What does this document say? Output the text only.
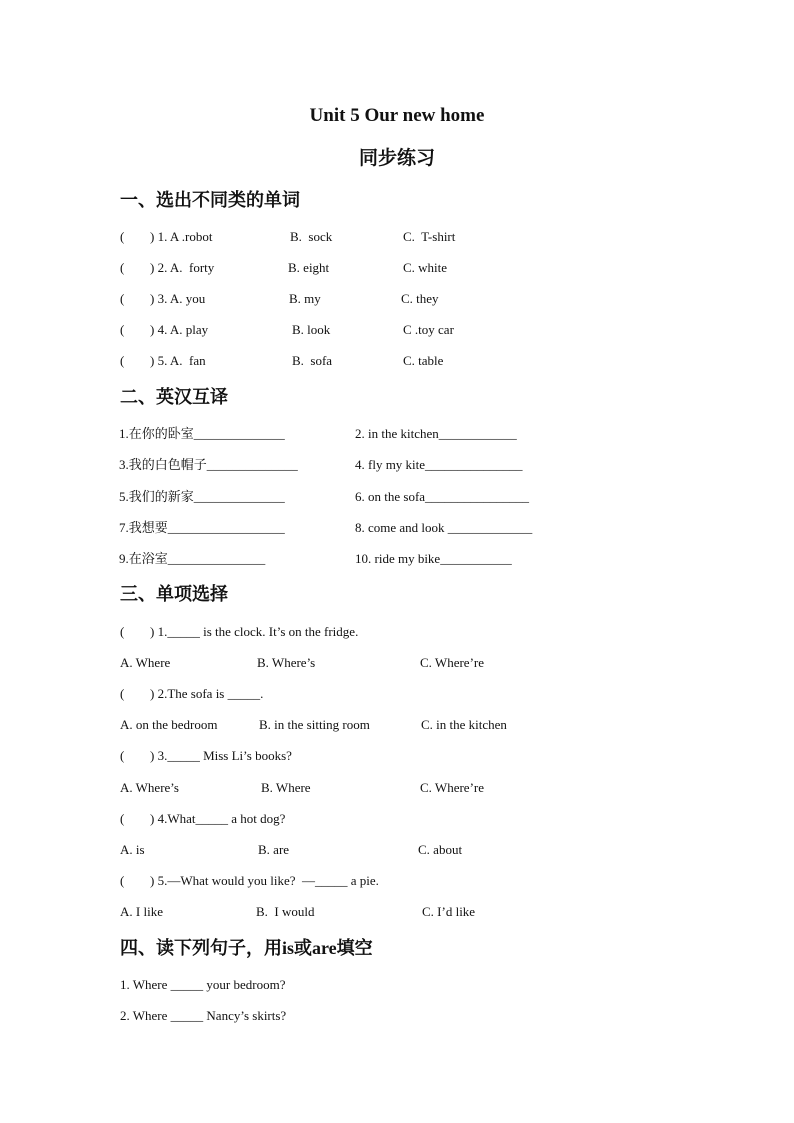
Unit 5 Our new home
同步练习
一、选出不同类的单词
( ) 1. A .robot	B.  sock	C.  T-shirt
( ) 2. A.  forty	B. eight	C. white
( ) 3. A. you	B. my	C. they
( ) 4. A. play	B. look	C .toy car
( ) 5. A.  fan	B.  sofa	C. table
二、英汉互译
1.在你的卧室______________	2. in the kitchen____________
3.我的白色帽子______________	4. fly my kite_______________
5.我们的新家______________	6. on the sofa________________
7.我想要__________________	8. come and look _____________
9.在浴室_______________	10. ride my bike___________
三、单项选择
( ) 1._____ is the clock. It’s on the fridge.
A. Where	B. Where’s	C. Where’re
( ) 2.The sofa is _____.
A. on the bedroom	B. in the sitting room	C. in the kitchen
( ) 3._____ Miss Li’s books?
A. Where’s	B. Where	C. Where’re
( ) 4.What_____ a hot dog?
A. is	B. are	C. about
( ) 5.—What would you like?  —_____ a pie.
A. I like	B.  I would	C. I’d like
四、读下列句子，用is或are填空
1. Where _____ your bedroom?
2. Where _____ Nancy’s skirts?
